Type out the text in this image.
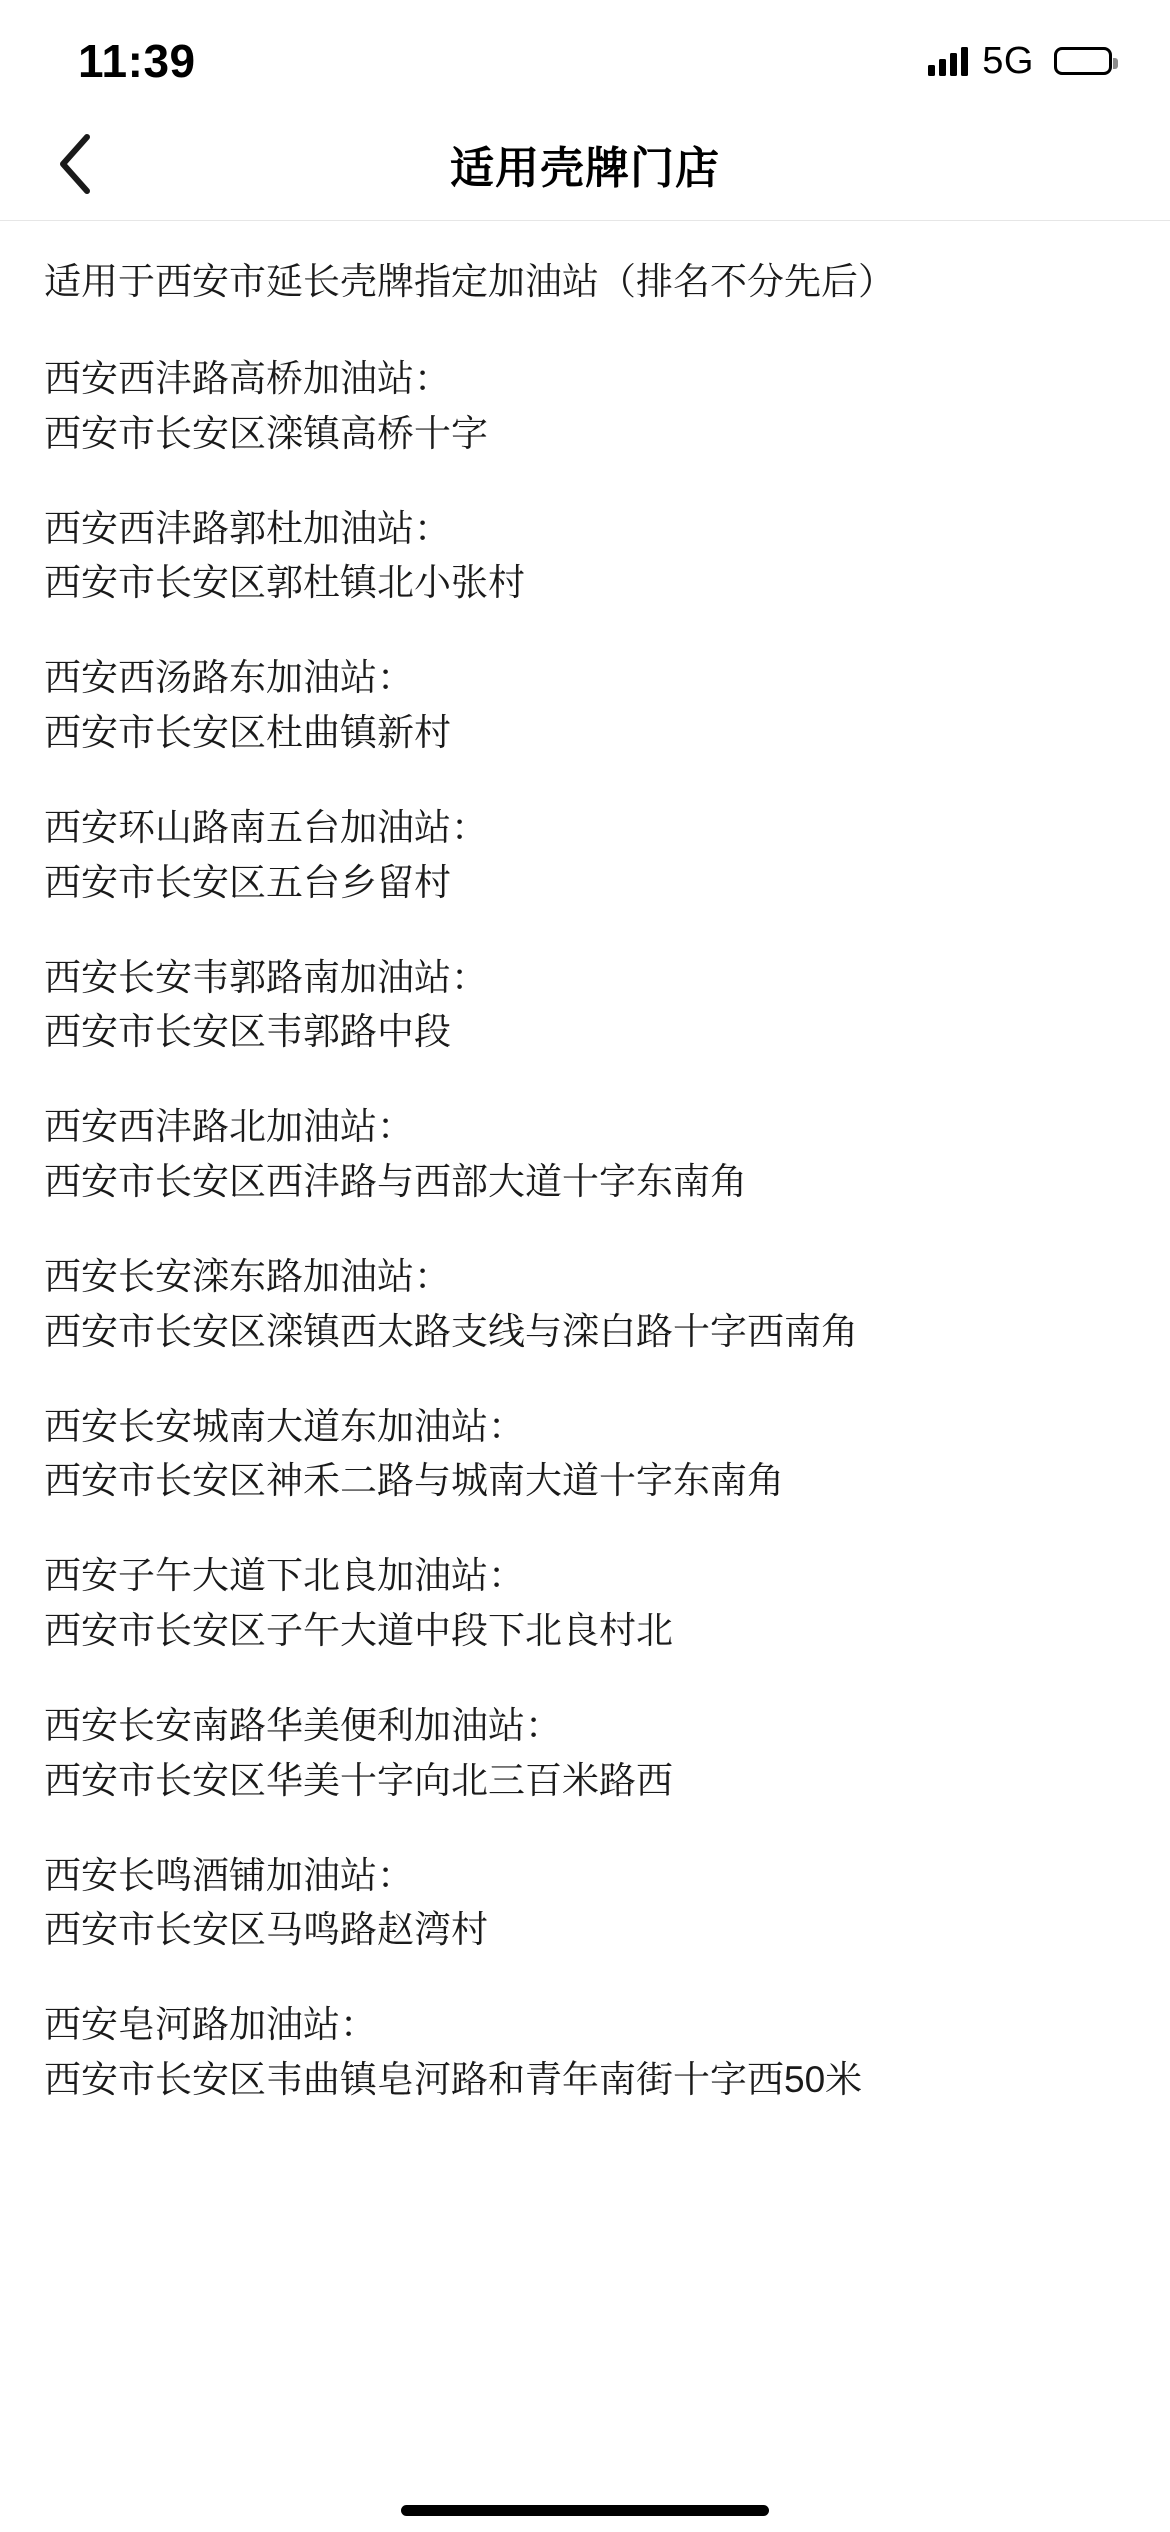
11:39	5G
适用壳牌门店
适用于西安市延长壳牌指定加油站（排名不分先后）
西安西沣路高桥加油站：
西安市长安区滦镇高桥十字
西安西沣路郭杜加油站：
西安市长安区郭杜镇北小张村
西安西汤路东加油站：
西安市长安区杜曲镇新村
西安环山路南五台加油站：
西安市长安区五台乡留村
西安长安韦郭路南加油站：
西安市长安区韦郭路中段
西安西沣路北加油站：
西安市长安区西沣路与西部大道十字东南角
西安长安滦东路加油站：
西安市长安区滦镇西太路支线与滦白路十字西南角
西安长安城南大道东加油站：
西安市长安区神禾二路与城南大道十字东南角
西安子午大道下北良加油站：
西安市长安区子午大道中段下北良村北
西安长安南路华美便利加油站：
西安市长安区华美十字向北三百米路西
西安长鸣酒铺加油站：
西安市长安区马鸣路赵湾村
西安皂河路加油站：
西安市长安区韦曲镇皂河路和青年南街十字西50米
